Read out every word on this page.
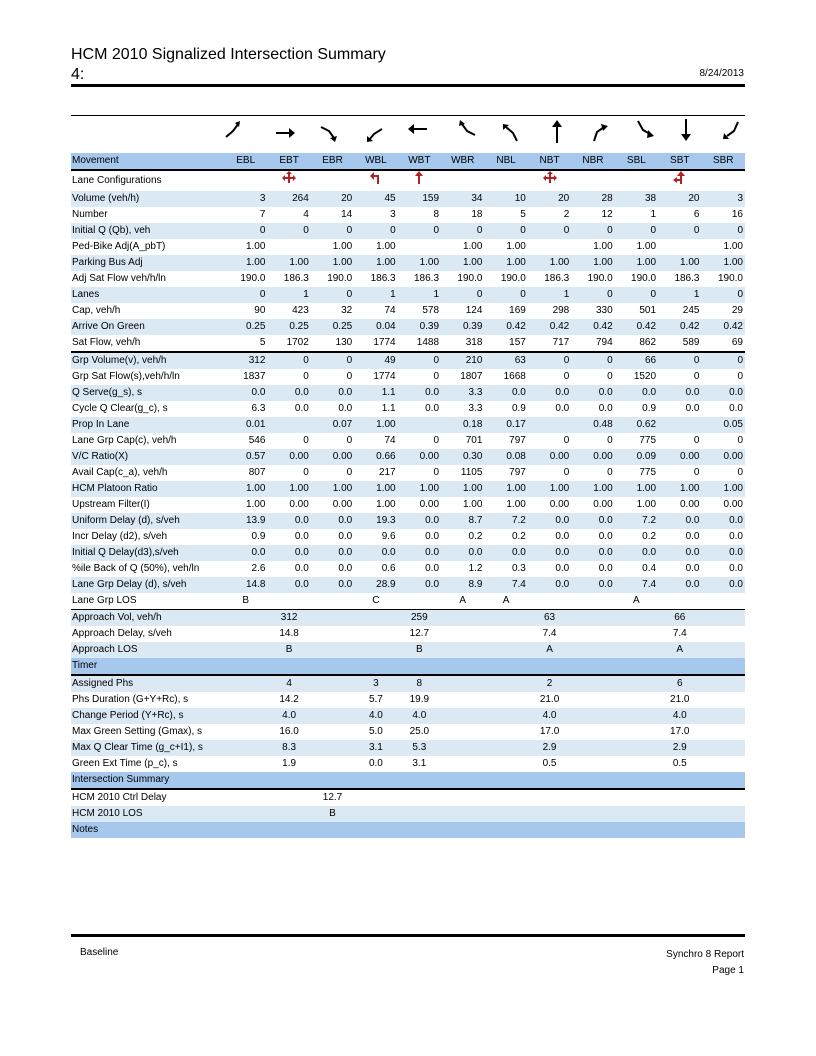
HCM 2010 Signalized Intersection Summary
4:	8/24/2013
Movement	EBL	EBT	EBR	WBL	WBT	WBR	NBL	NBT	NBR	SBL	SBT	SBR
Lane Configurations												
Volume (veh/h)	3	264	20	45	159	34	10	20	28	38	20	3
Number	7	4	14	3	8	18	5	2	12	1	6	16
Initial Q (Qb), veh	0	0	0	0	0	0	0	0	0	0	0	0
Ped-Bike Adj(A_pbT)	1.00		1.00	1.00		1.00	1.00		1.00	1.00		1.00
Parking Bus Adj	1.00	1.00	1.00	1.00	1.00	1.00	1.00	1.00	1.00	1.00	1.00	1.00
Adj Sat Flow veh/h/ln	190.0	186.3	190.0	186.3	186.3	190.0	190.0	186.3	190.0	190.0	186.3	190.0
Lanes	0	1	0	1	1	0	0	1	0	0	1	0
Cap, veh/h	90	423	32	74	578	124	169	298	330	501	245	29
Arrive On Green	0.25	0.25	0.25	0.04	0.39	0.39	0.42	0.42	0.42	0.42	0.42	0.42
Sat Flow, veh/h	5	1702	130	1774	1488	318	157	717	794	862	589	69
Grp Volume(v), veh/h	312	0	0	49	0	210	63	0	0	66	0	0
Grp Sat Flow(s),veh/h/ln	1837	0	0	1774	0	1807	1668	0	0	1520	0	0
Q Serve(g_s), s	0.0	0.0	0.0	1.1	0.0	3.3	0.0	0.0	0.0	0.0	0.0	0.0
Cycle Q Clear(g_c), s	6.3	0.0	0.0	1.1	0.0	3.3	0.9	0.0	0.0	0.9	0.0	0.0
Prop In Lane	0.01		0.07	1.00		0.18	0.17		0.48	0.62		0.05
Lane Grp Cap(c), veh/h	546	0	0	74	0	701	797	0	0	775	0	0
V/C Ratio(X)	0.57	0.00	0.00	0.66	0.00	0.30	0.08	0.00	0.00	0.09	0.00	0.00
Avail Cap(c_a), veh/h	807	0	0	217	0	1105	797	0	0	775	0	0
HCM Platoon Ratio	1.00	1.00	1.00	1.00	1.00	1.00	1.00	1.00	1.00	1.00	1.00	1.00
Upstream Filter(I)	1.00	0.00	0.00	1.00	0.00	1.00	1.00	0.00	0.00	1.00	0.00	0.00
Uniform Delay (d), s/veh	13.9	0.0	0.0	19.3	0.0	8.7	7.2	0.0	0.0	7.2	0.0	0.0
Incr Delay (d2), s/veh	0.9	0.0	0.0	9.6	0.0	0.2	0.2	0.0	0.0	0.2	0.0	0.0
Initial Q Delay(d3),s/veh	0.0	0.0	0.0	0.0	0.0	0.0	0.0	0.0	0.0	0.0	0.0	0.0
%ile Back of Q (50%), veh/ln	2.6	0.0	0.0	0.6	0.0	1.2	0.3	0.0	0.0	0.4	0.0	0.0
Lane Grp Delay (d), s/veh	14.8	0.0	0.0	28.9	0.0	8.9	7.4	0.0	0.0	7.4	0.0	0.0
Lane Grp LOS	B			C		A	A			A		
Approach Vol, veh/h		312			259			63			66	
Approach Delay, s/veh		14.8			12.7			7.4			7.4	
Approach LOS		B			B			A			A	

Timer												
Assigned Phs		4		3	8			2			6	
Phs Duration (G+Y+Rc), s		14.2		5.7	19.9			21.0			21.0	
Change Period (Y+Rc), s		4.0		4.0	4.0			4.0			4.0	
Max Green Setting (Gmax), s		16.0		5.0	25.0			17.0			17.0	
Max Q Clear Time (g_c+I1), s		8.3		3.1	5.3			2.9			2.9	
Green Ext Time (p_c), s		1.9		0.0	3.1			0.5			0.5	

Intersection Summary												
HCM 2010 Ctrl Delay			12.7									
HCM 2010 LOS			B									

Notes												
Baseline	Synchro 8 Report
Page 1
